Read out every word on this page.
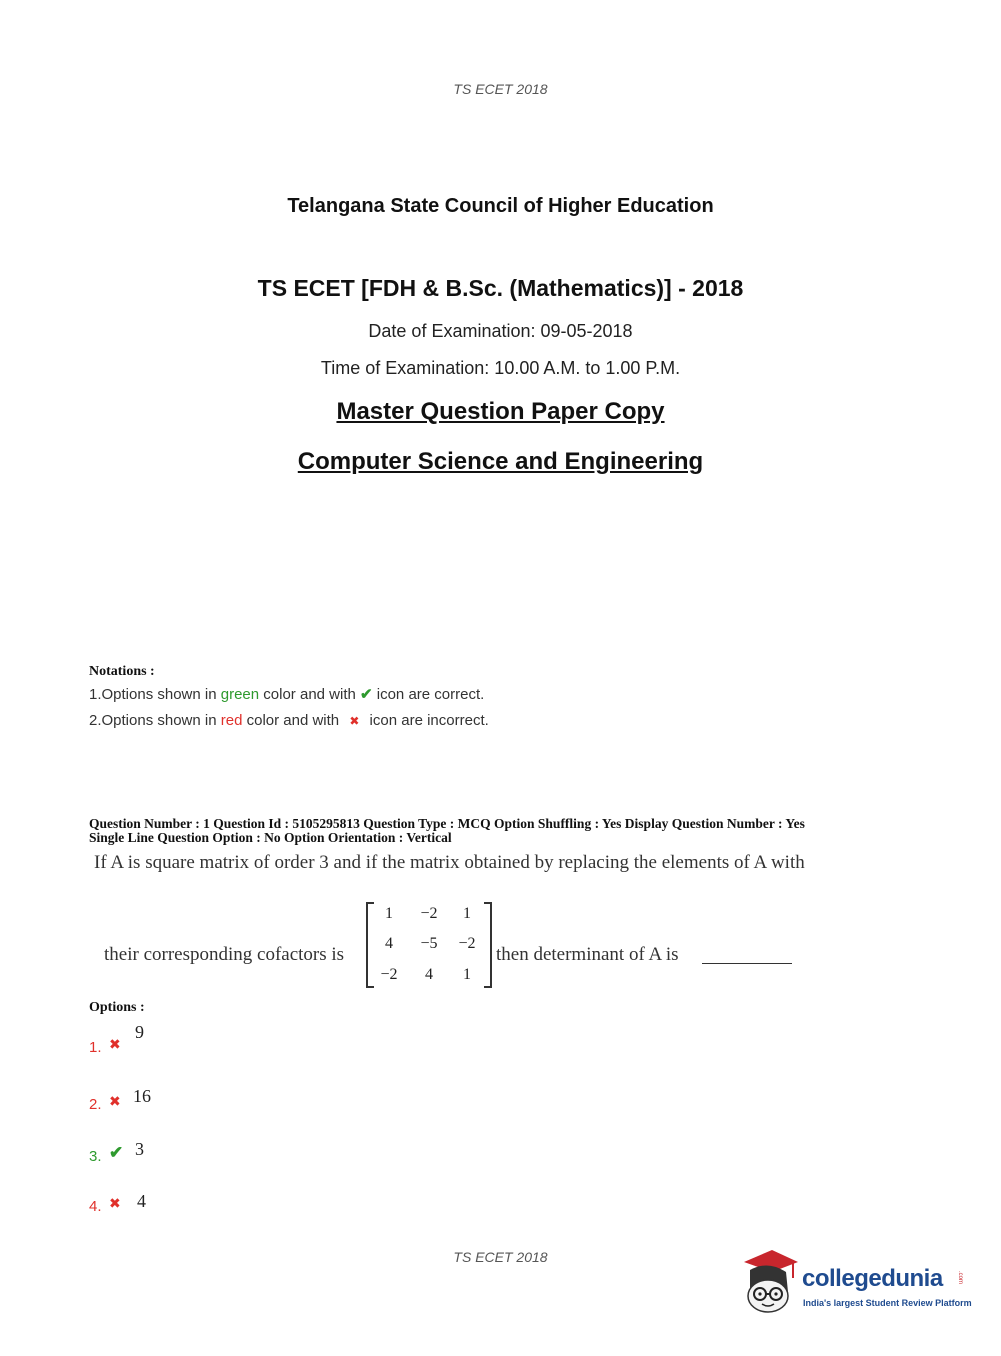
TS ECET 2018
TS ECET 2018
Telangana State Council of Higher Education
TS ECET [FDH & B.Sc. (Mathematics)] - 2018
Date of Examination: 09-05-2018
Time of Examination: 10.00 A.M. to 1.00 P.M.
Master Question Paper Copy
Computer Science and Engineering
Notations :
1.Options shown in green color and with ✔ icon are correct.
2.Options shown in red color and with ✖ icon are incorrect.
Question Number : 1 Question Id : 5105295813 Question Type : MCQ Option Shuffling : Yes Display Question Number : Yes
Single Line Question Option : No Option Orientation : Vertical
If A is square matrix of order 3 and if the matrix obtained by replacing the elements of A with
their corresponding cofactors is
1	−2	1
4	−5	−2
−2	4	1
then determinant of A is
Options :
1. ✖
9
2. ✖ 16
3. ✔ 3
4. ✖ 4
collegedunia .com
India's largest Student Review Platform
